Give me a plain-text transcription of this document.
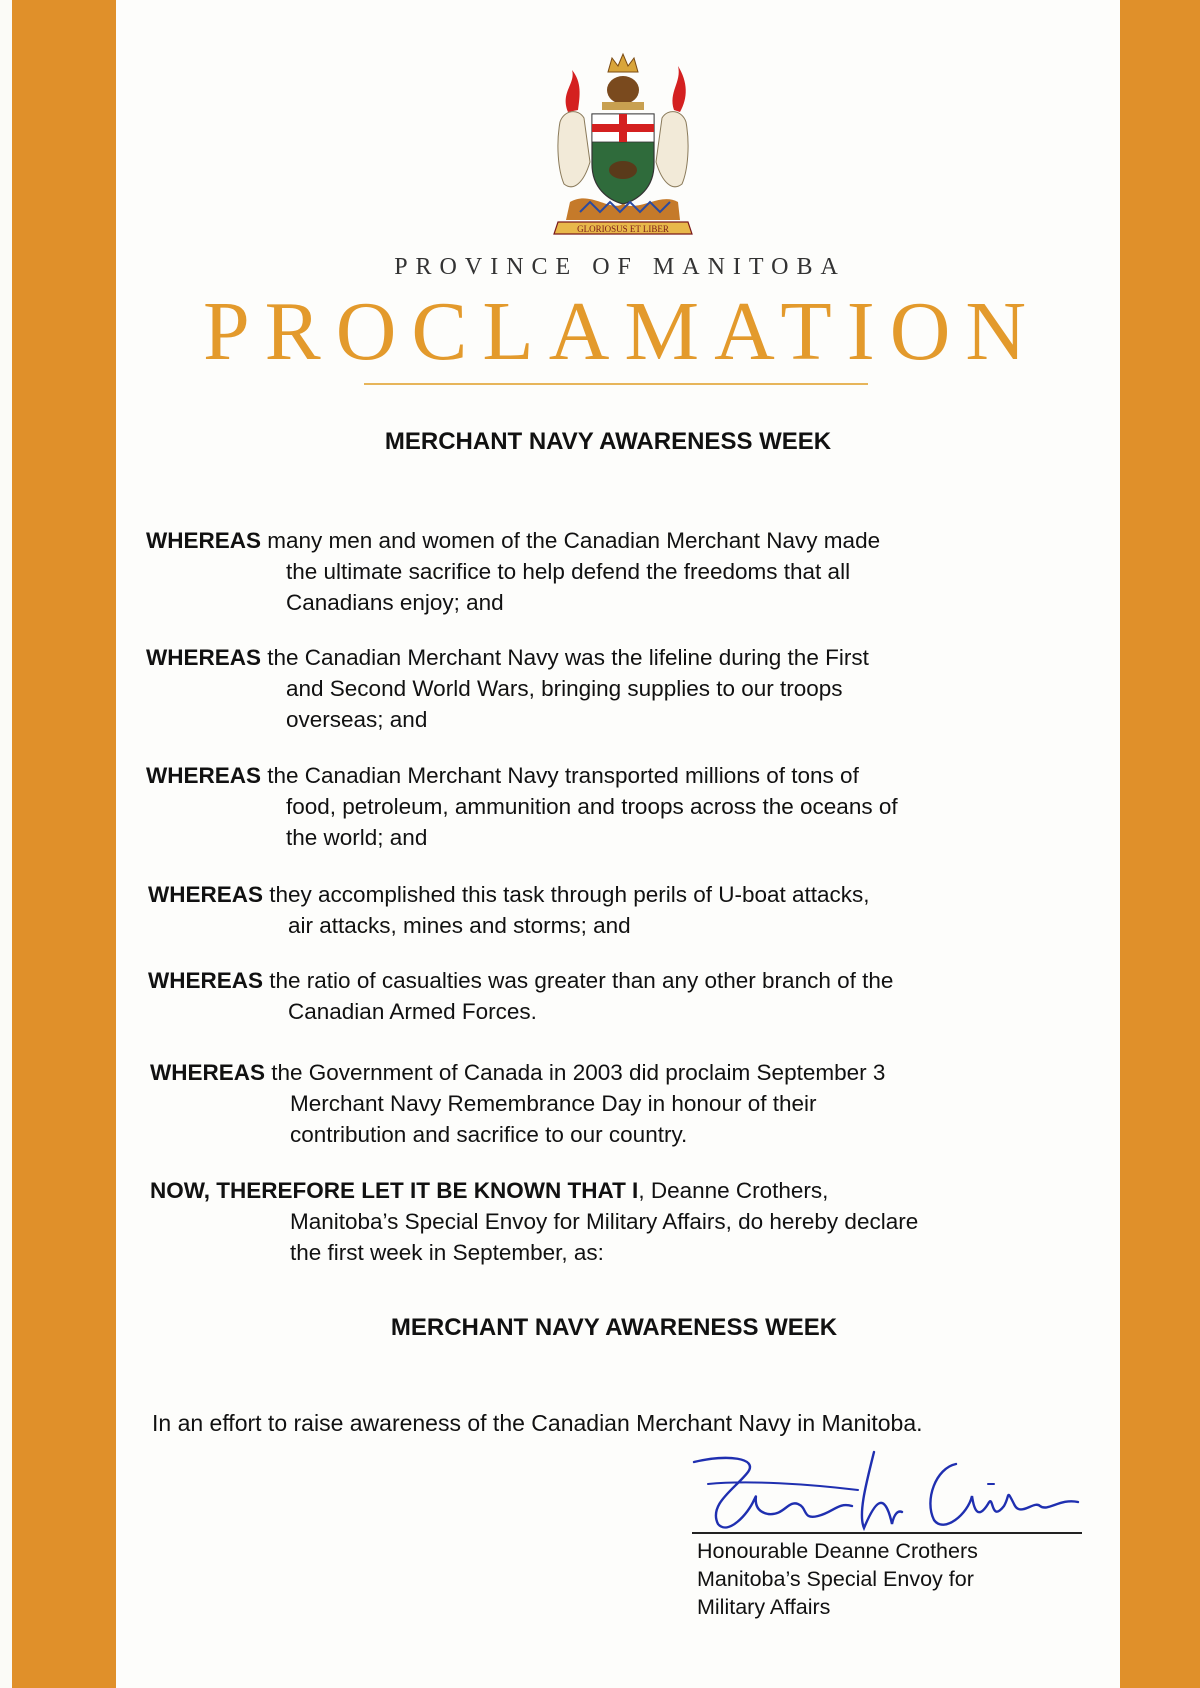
GLORIOSUS ET LIBER
PROVINCE OF MANITOBA
PROCLAMATION
MERCHANT NAVY AWARENESS WEEK
WHEREAS many men and women of the Canadian Merchant Navy made
the ultimate sacrifice to help defend the freedoms that all
Canadians enjoy; and
WHEREAS the Canadian Merchant Navy was the lifeline during the First
and Second World Wars, bringing supplies to our troops
overseas; and
WHEREAS the Canadian Merchant Navy transported millions of tons of
food, petroleum, ammunition and troops across the oceans of
the world; and
WHEREAS they accomplished this task through perils of U-boat attacks,
air attacks, mines and storms; and
WHEREAS the ratio of casualties was greater than any other branch of the
Canadian Armed Forces.
WHEREAS the Government of Canada in 2003 did proclaim September 3
Merchant Navy Remembrance Day in honour of their
contribution and sacrifice to our country.
NOW, THEREFORE LET IT BE KNOWN THAT I, Deanne Crothers,
Manitoba’s Special Envoy for Military Affairs, do hereby declare
the first week in September, as:
MERCHANT NAVY AWARENESS WEEK
In an effort to raise awareness of the Canadian Merchant Navy in Manitoba.
Honourable Deanne Crothers
Manitoba’s Special Envoy for
Military Affairs
